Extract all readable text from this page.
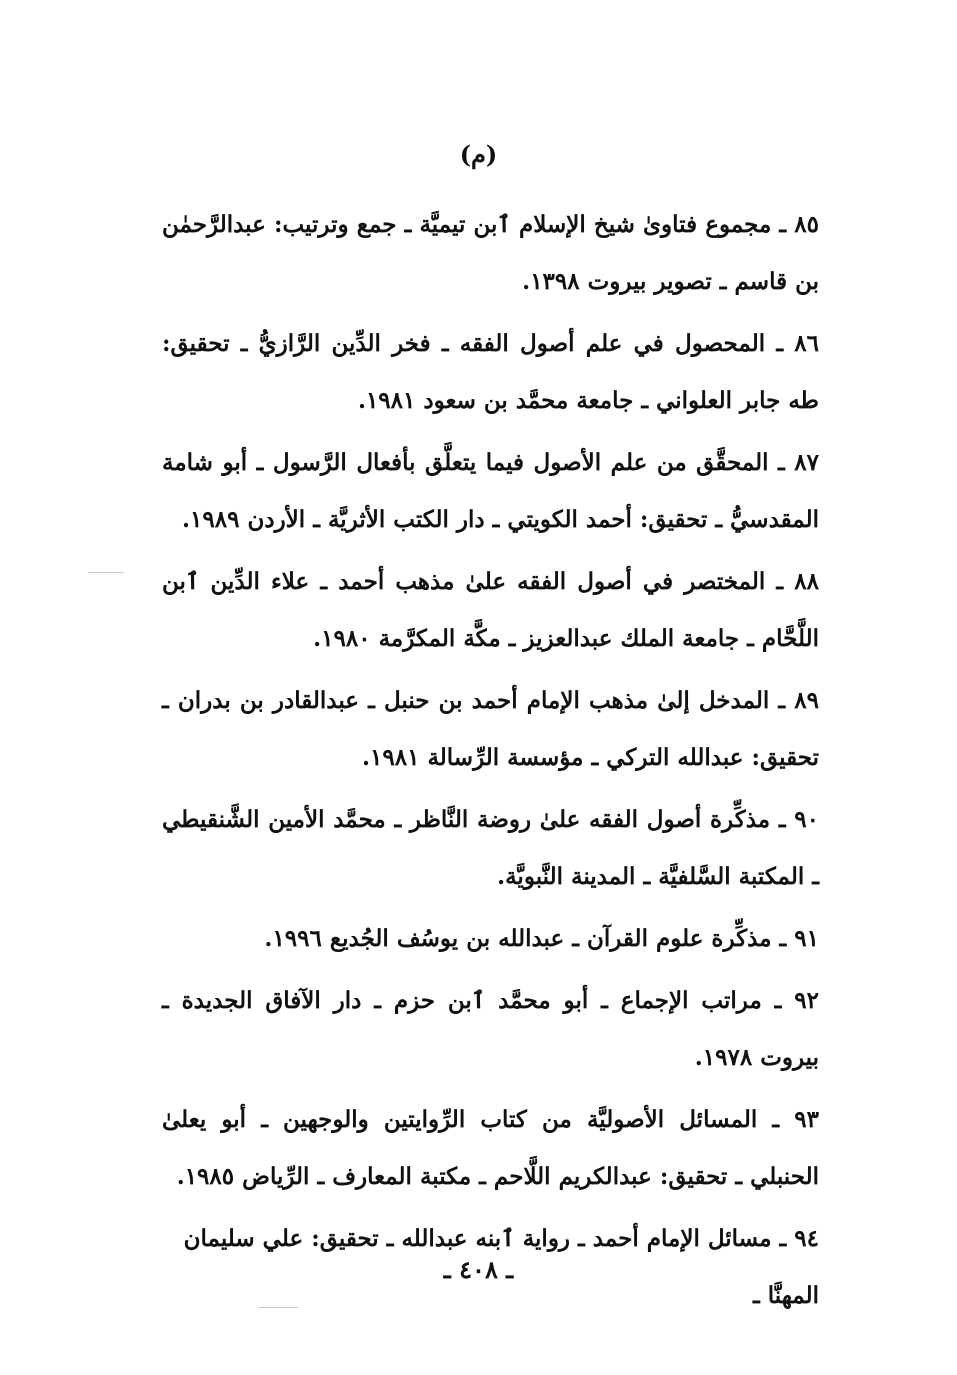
(م)

٨٥ ـ مجموع فتاوىٰ شيخ الإسلام ٱبن تيميَّة ـ جمع وترتيب: عبدالرَّحمٰن بن قاسم ـ تصوير بيروت ١٣٩٨.

٨٦ ـ المحصول في علم أصول الفقه ـ فخر الدِّين الرَّازيُّ ـ تحقيق: طه جابر العلواني ـ جامعة محمَّد بن سعود ١٩٨١.

٨٧ ـ المحقَّق من علم الأصول فيما يتعلَّق بأفعال الرَّسول ـ أبو شامة المقدسيُّ ـ تحقيق: أحمد الكويتي ـ دار الكتب الأثريَّة ـ الأردن ١٩٨٩.

٨٨ ـ المختصر في أصول الفقه علىٰ مذهب أحمد ـ علاء الدِّين ٱبن اللَّحَّام ـ جامعة الملك عبدالعزيز ـ مكَّة المكرَّمة ١٩٨٠.

٨٩ ـ المدخل إلىٰ مذهب الإمام أحمد بن حنبل ـ عبدالقادر بن بدران ـ تحقيق: عبدالله التركي ـ مؤسسة الرِّسالة ١٩٨١.

٩٠ ـ مذكِّرة أصول الفقه علىٰ روضة النَّاظر ـ محمَّد الأمين الشَّنقيطي ـ المكتبة السَّلفيَّة ـ المدينة النَّبويَّة.

٩١ ـ مذكِّرة علوم القرآن ـ عبدالله بن يوسُف الجُديع ١٩٩٦.

٩٢ ـ مراتب الإجماع ـ أبو محمَّد ٱبن حزم ـ دار الآفاق الجديدة ـ بيروت ١٩٧٨.

٩٣ ـ المسائل الأصوليَّة من كتاب الرِّوايتين والوجهين ـ أبو يعلىٰ الحنبلي ـ تحقيق: عبدالكريم اللَّاحم ـ مكتبة المعارف ـ الرِّياض ١٩٨٥.

٩٤ ـ مسائل الإمام أحمد ـ رواية ٱبنه عبدالله ـ تحقيق: علي سليمان المهنَّا ـ

ـ ٤٠٨ ـ
